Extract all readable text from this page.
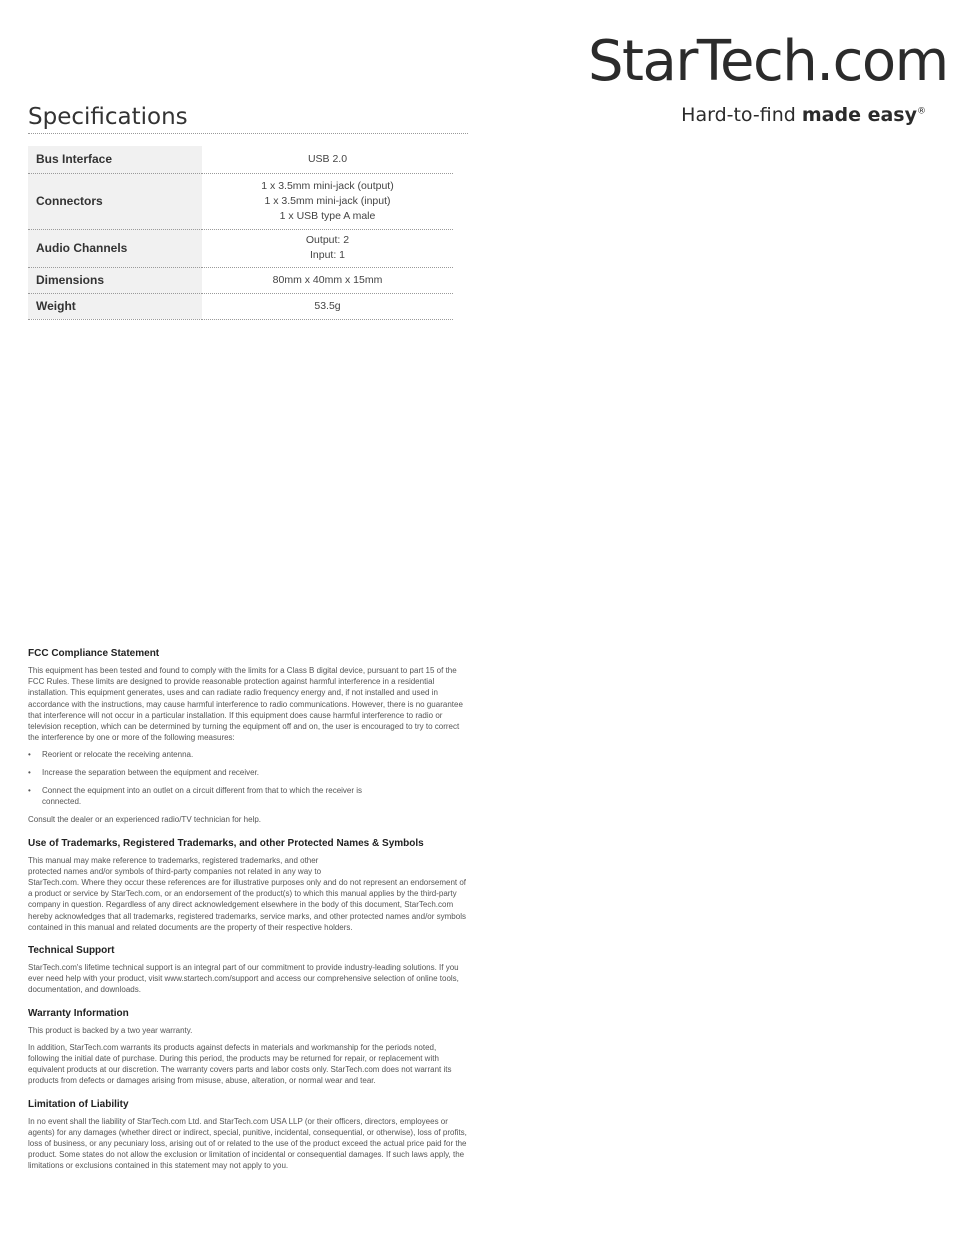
StarTech.com
Hard-to-find made easy®
Specifications
Bus Interface	USB 2.0

Connectors	1 x 3.5mm mini-jack (output)
1 x 3.5mm mini-jack (input)
1 x USB type A male

Audio Channels	Output: 2
Input: 1

Dimensions	80mm x 40mm x 15mm

Weight	53.5g
FCC Compliance Statement

This equipment has been tested and found to comply with the limits for a Class B digital device, pursuant to part 15 of the FCC Rules. These limits are designed to provide reasonable protection against harmful interference in a residential installation. This equipment generates, uses and can radiate radio frequency energy and, if not installed and used in accordance with the instructions, may cause harmful interference to radio communications. However, there is no guarantee that interference will not occur in a particular installation. If this equipment does cause harmful interference to radio or television reception, which can be determined by turning the equipment off and on, the user is encouraged to try to correct the interference by one or more of the following measures:

• Reorient or relocate the receiving antenna.
• Increase the separation between the equipment and receiver.
• Connect the equipment into an outlet on a circuit different from that to which the receiver is connected.

Consult the dealer or an experienced radio/TV technician for help.

Use of Trademarks, Registered Trademarks, and other Protected Names & Symbols

This manual may make reference to trademarks, registered trademarks, and other protected names and/or symbols of third-party companies not related in any way to
StarTech.com. Where they occur these references are for illustrative purposes only and do not represent an endorsement of a product or service by StarTech.com, or an endorsement of the product(s) to which this manual applies by the third-party company in question. Regardless of any direct acknowledgement elsewhere in the body of this document, StarTech.com hereby acknowledges that all trademarks, registered trademarks, service marks, and other protected names and/or symbols contained in this manual and related documents are the property of their respective holders.

Technical Support

StarTech.com's lifetime technical support is an integral part of our commitment to provide industry-leading solutions. If you ever need help with your product, visit www.startech.com/support and access our comprehensive selection of online tools, documentation, and downloads.

Warranty Information

This product is backed by a two year warranty.

In addition, StarTech.com warrants its products against defects in materials and workmanship for the periods noted, following the initial date of purchase. During this period, the products may be returned for repair, or replacement with equivalent products at our discretion. The warranty covers parts and labor costs only. StarTech.com does not warrant its products from defects or damages arising from misuse, abuse, alteration, or normal wear and tear.

Limitation of Liability

In no event shall the liability of StarTech.com Ltd. and StarTech.com USA LLP (or their officers, directors, employees or agents) for any damages (whether direct or indirect, special, punitive, incidental, consequential, or otherwise), loss of profits, loss of business, or any pecuniary loss, arising out of or related to the use of the product exceed the actual price paid for the product. Some states do not allow the exclusion or limitation of incidental or consequential damages. If such laws apply, the limitations or exclusions contained in this statement may not apply to you.
